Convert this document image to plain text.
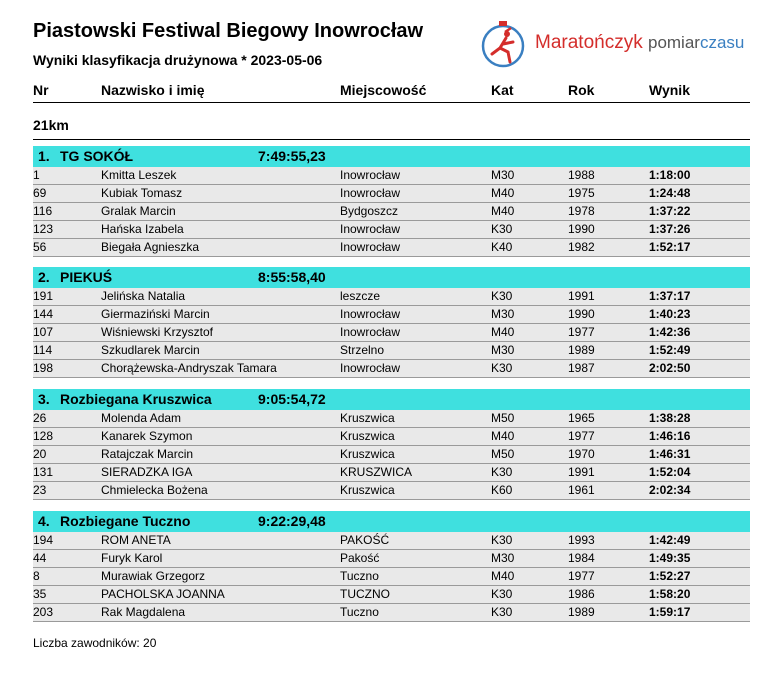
Piastowski Festiwal Biegowy Inowrocław
Wyniki klasyfikacja drużynowa * 2023-05-06
Maratończyk pomiarczasu
Nr	Nazwisko i imię	Miejscowość	Kat	Rok	Wynik
21km
1. TG SOKÓŁ	7:49:55,23
1	Kmitta Leszek	Inowrocław	M30	1988	1:18:00
69	Kubiak Tomasz	Inowrocław	M40	1975	1:24:48
116	Gralak Marcin	Bydgoszcz	M40	1978	1:37:22
123	Hańska Izabela	Inowrocław	K30	1990	1:37:26
56	Biegała Agnieszka	Inowrocław	K40	1982	1:52:17
2. PIEKUŚ	8:55:58,40
191	Jelińska Natalia	leszcze	K30	1991	1:37:17
144	Giermaziński Marcin	Inowrocław	M30	1990	1:40:23
107	Wiśniewski Krzysztof	Inowrocław	M40	1977	1:42:36
114	Szkudlarek Marcin	Strzelno	M30	1989	1:52:49
198	Chorążewska-Andryszak Tamara	Inowrocław	K30	1987	2:02:50
3. Rozbiegana Kruszwica	9:05:54,72
26	Molenda Adam	Kruszwica	M50	1965	1:38:28
128	Kanarek Szymon	Kruszwica	M40	1977	1:46:16
20	Ratajczak Marcin	Kruszwica	M50	1970	1:46:31
131	SIERADZKA IGA	KRUSZWICA	K30	1991	1:52:04
23	Chmielecka Bożena	Kruszwica	K60	1961	2:02:34
4. Rozbiegane Tuczno	9:22:29,48
194	ROM ANETA	PAKOŚĆ	K30	1993	1:42:49
44	Furyk Karol	Pakość	M30	1984	1:49:35
8	Murawiak Grzegorz	Tuczno	M40	1977	1:52:27
35	PACHOLSKA JOANNA	TUCZNO	K30	1986	1:58:20
203	Rak Magdalena	Tuczno	K30	1989	1:59:17
Liczba zawodników: 20
